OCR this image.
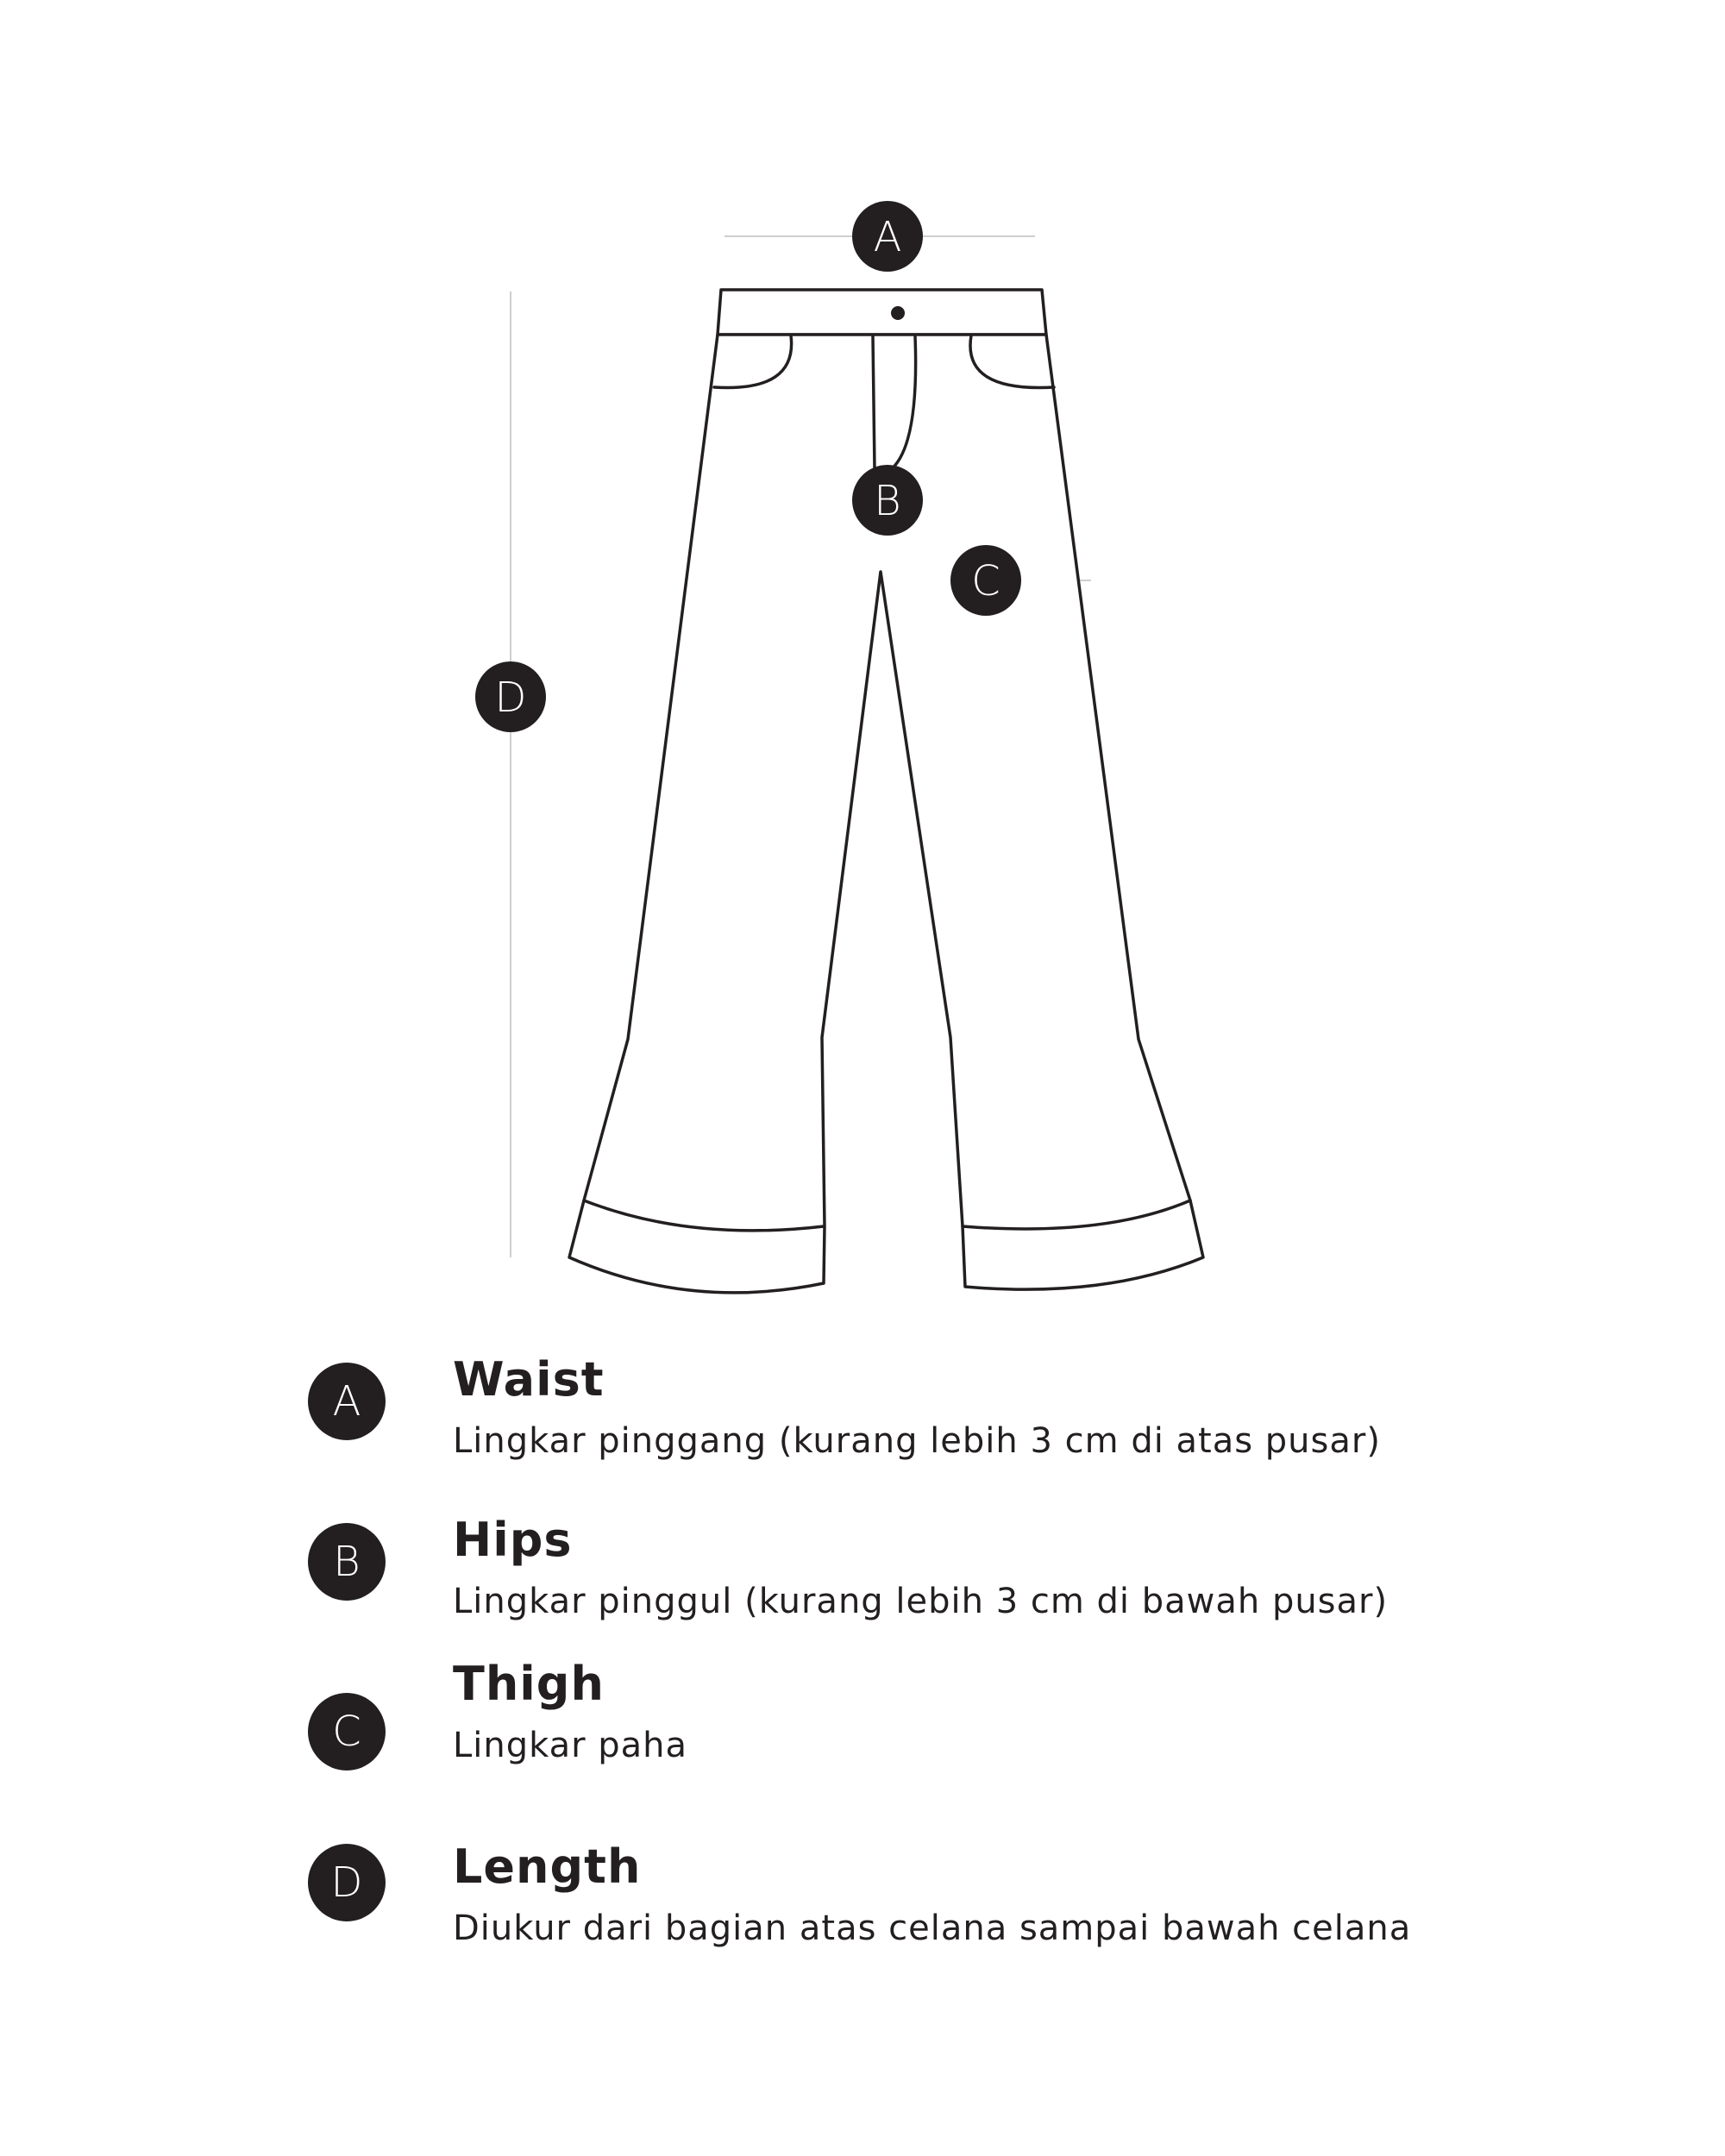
A
B
C
D
A	Waist
Lingkar pinggang (kurang lebih 3 cm di atas pusar)
B	Hips
Lingkar pinggul (kurang lebih 3 cm di bawah pusar)
C
Thigh
Lingkar paha
D	Length
Diukur dari bagian atas celana sampai bawah celana
